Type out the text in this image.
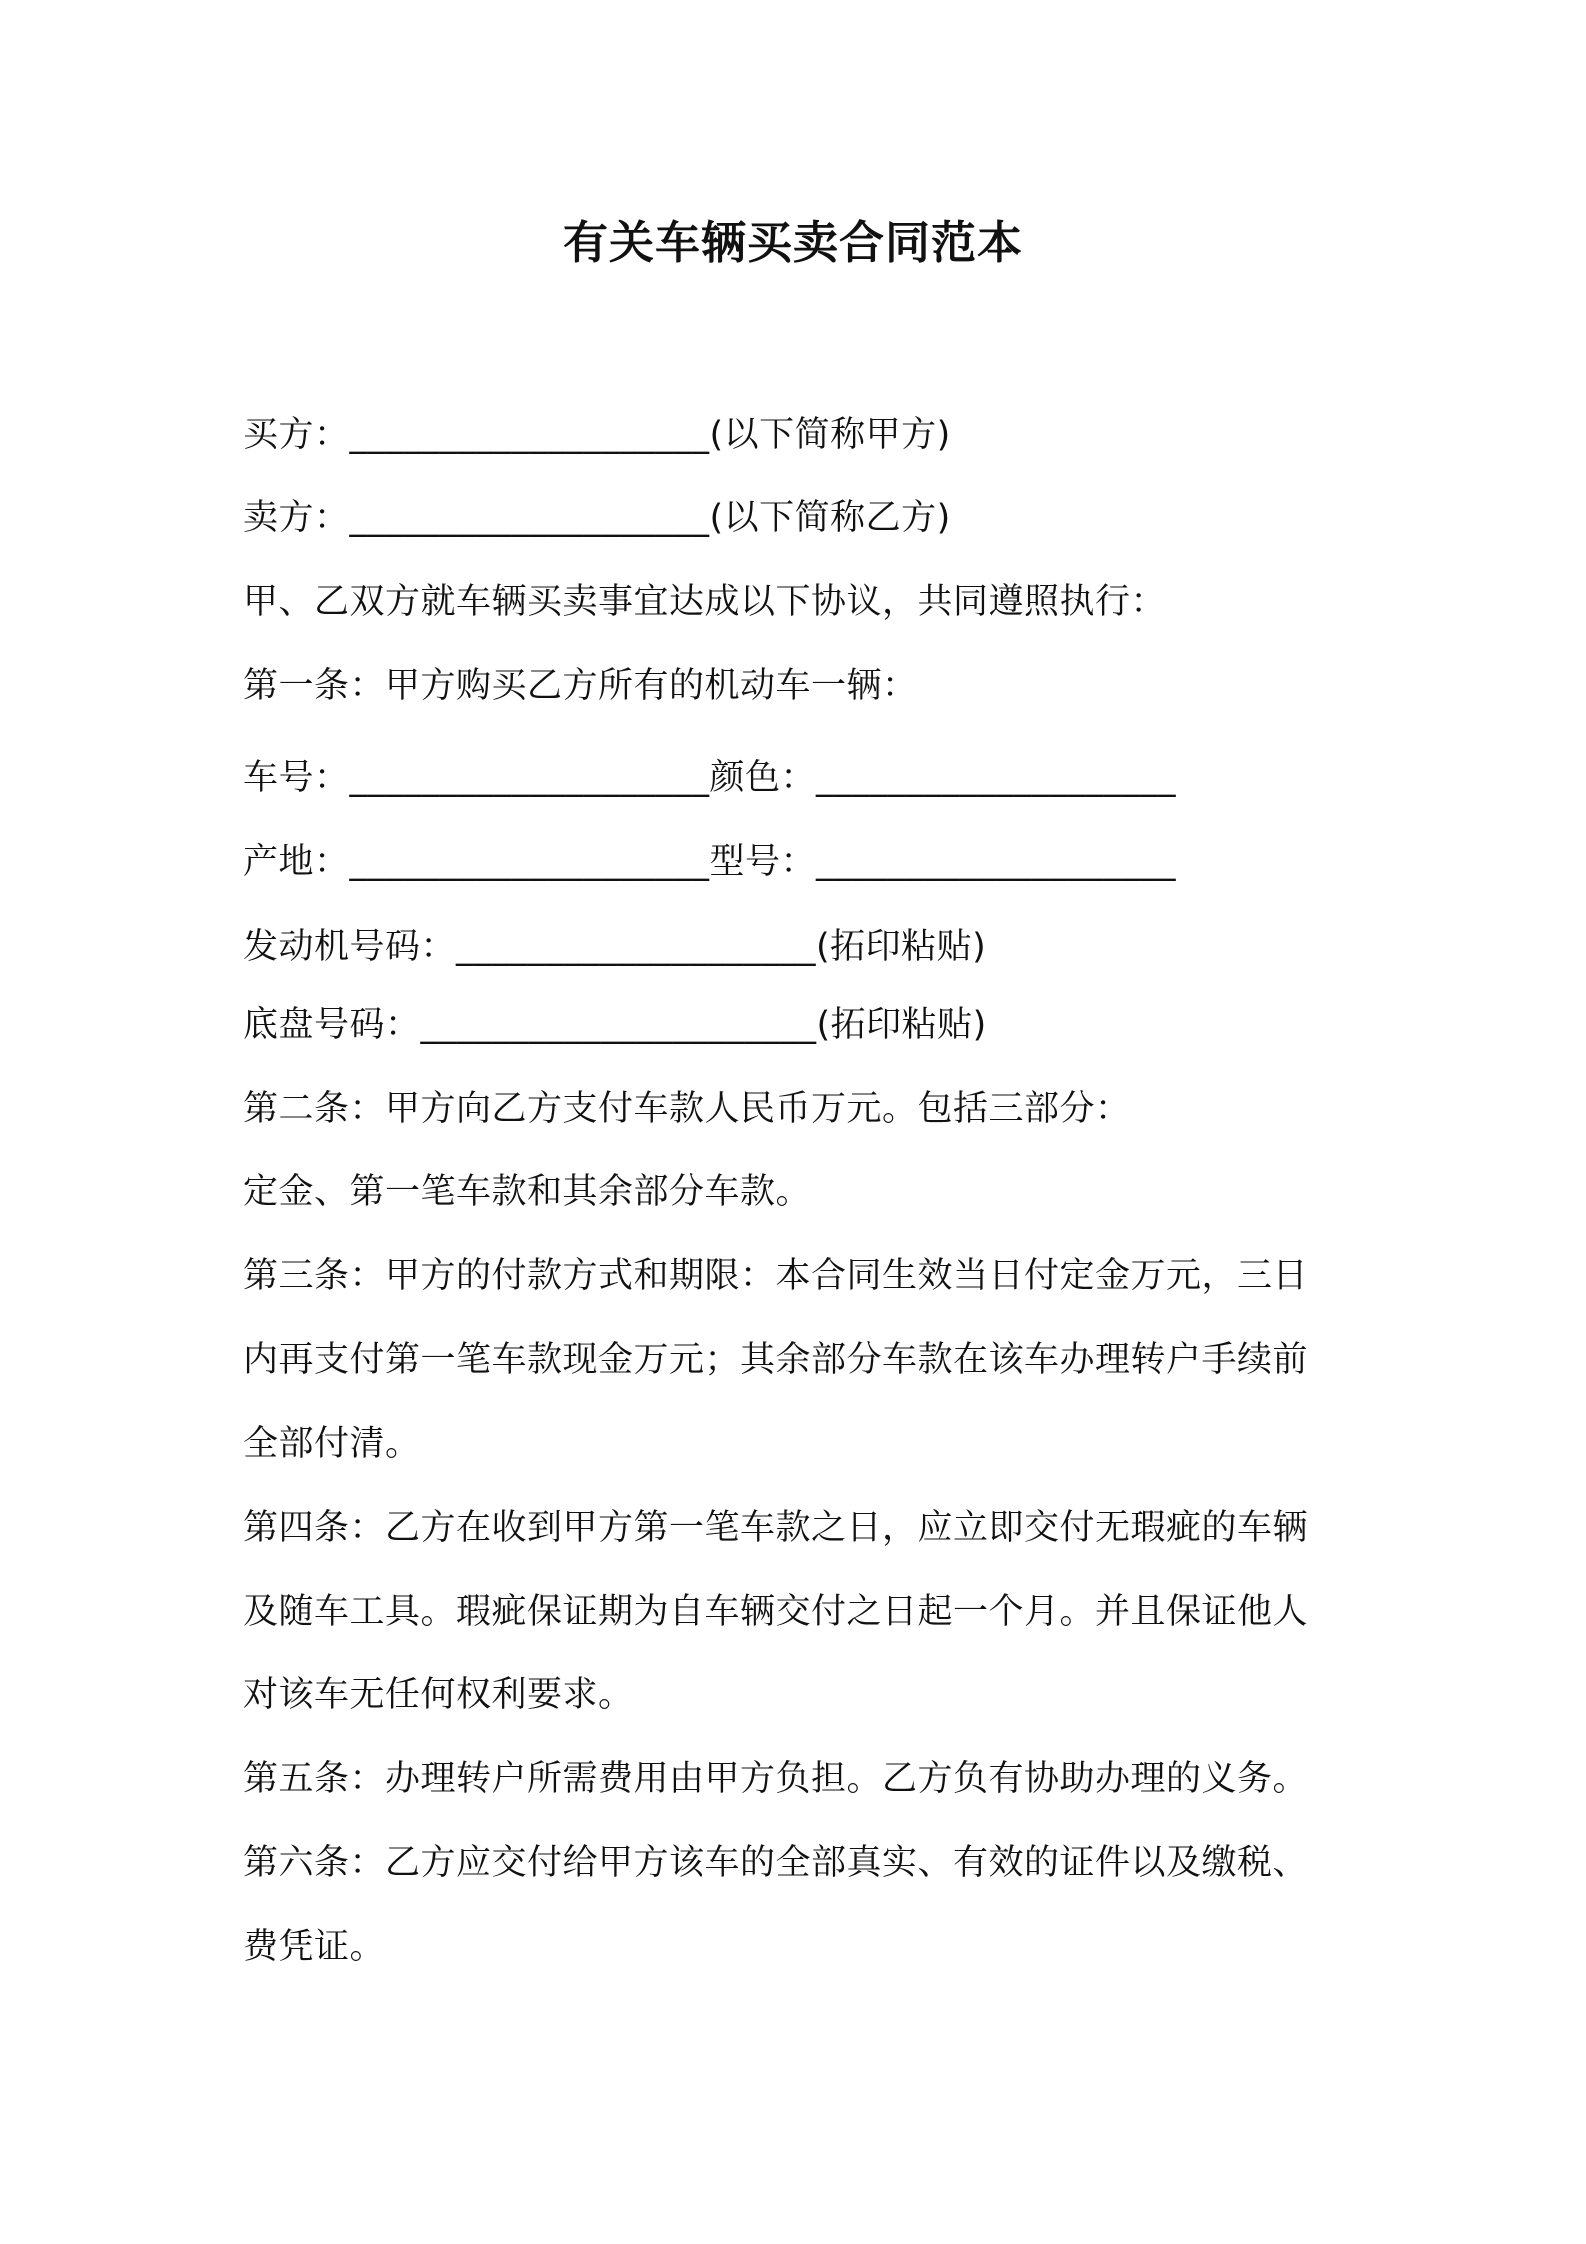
有关车辆买卖合同范本
买方：____________________(以下简称甲方)
卖方：____________________(以下简称乙方)
甲、乙双方就车辆买卖事宜达成以下协议，共同遵照执行：
第一条：甲方购买乙方所有的机动车一辆：
车号：____________________颜色：____________________
产地：____________________型号：____________________
发动机号码：____________________(拓印粘贴)
底盘号码：______________________(拓印粘贴)
第二条：甲方向乙方支付车款人民币万元。包括三部分：
定金、第一笔车款和其余部分车款。
第三条：甲方的付款方式和期限：本合同生效当日付定金万元，三日
内再支付第一笔车款现金万元；其余部分车款在该车办理转户手续前
全部付清。
第四条：乙方在收到甲方第一笔车款之日，应立即交付无瑕疵的车辆
及随车工具。瑕疵保证期为自车辆交付之日起一个月。并且保证他人
对该车无任何权利要求。
第五条：办理转户所需费用由甲方负担。乙方负有协助办理的义务。
第六条：乙方应交付给甲方该车的全部真实、有效的证件以及缴税、
费凭证。
